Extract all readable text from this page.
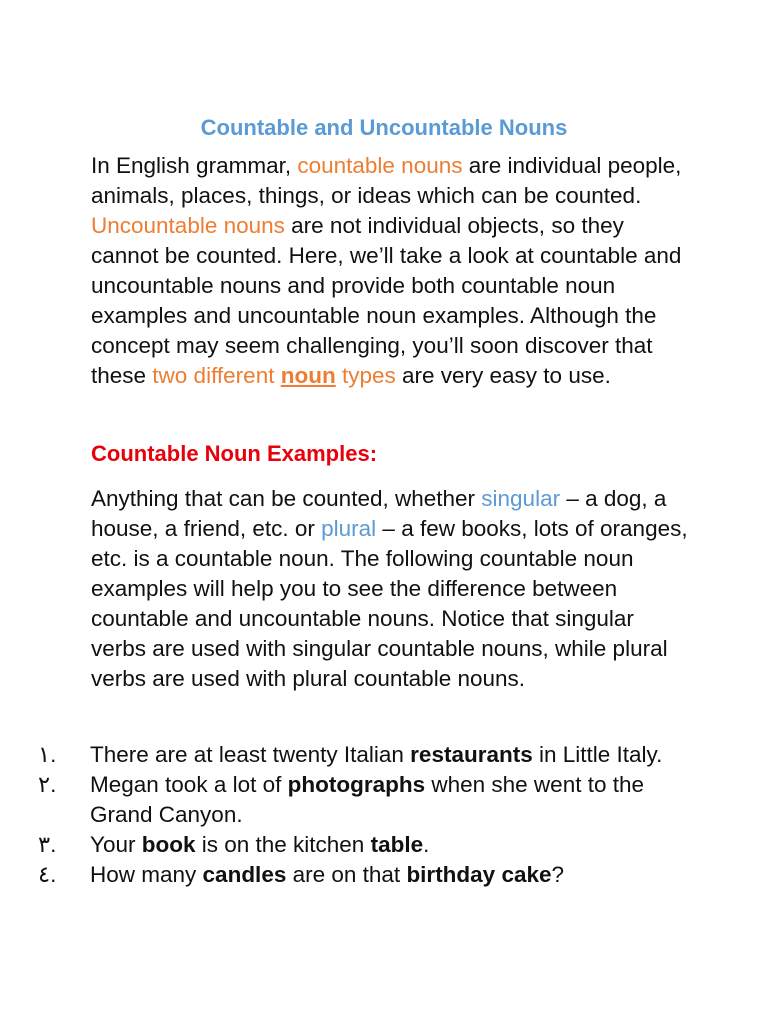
Countable and Uncountable Nouns

In English grammar, countable nouns are individual people, animals, places, things, or ideas which can be counted. Uncountable nouns are not individual objects, so they cannot be counted. Here, we’ll take a look at countable and uncountable nouns and provide both countable noun examples and uncountable noun examples. Although the concept may seem challenging, you’ll soon discover that these two different noun types are very easy to use.

Countable Noun Examples:

Anything that can be counted, whether singular – a dog, a house, a friend, etc. or plural – a few books, lots of oranges, etc. is a countable noun. The following countable noun examples will help you to see the difference between countable and uncountable nouns. Notice that singular verbs are used with singular countable nouns, while plural verbs are used with plural countable nouns.

١.	There are at least twenty Italian restaurants in Little Italy.
٢.	Megan took a lot of photographs when she went to the Grand Canyon.
٣.	Your book is on the kitchen table.
٤.	How many candles are on that birthday cake?
